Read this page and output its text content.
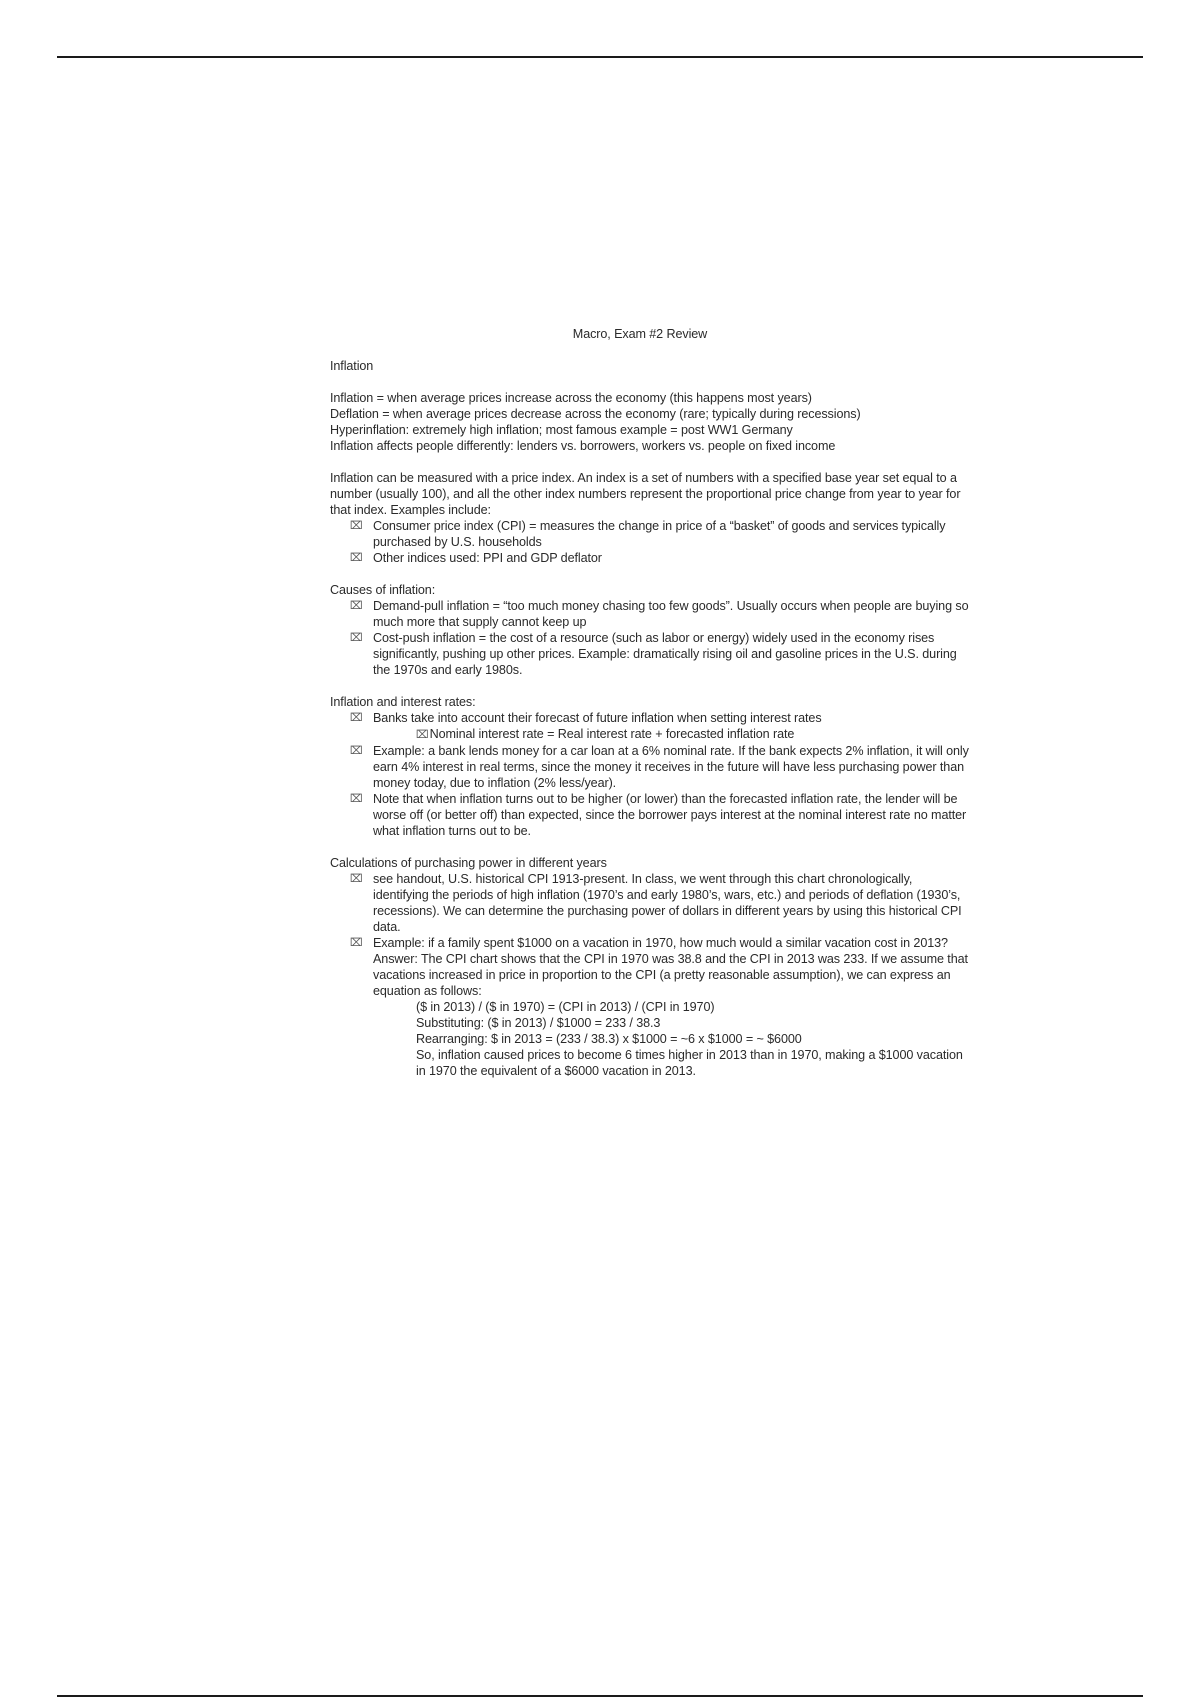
Macro, Exam #2 Review
Inflation
Inflation = when average prices increase across the economy (this happens most years)
Deflation = when average prices decrease across the economy (rare; typically during recessions)
Hyperinflation: extremely high inflation; most famous example = post WW1 Germany
Inflation affects people differently: lenders vs. borrowers, workers vs. people on fixed income
Inflation can be measured with a price index. An index is a set of numbers with a specified base year set equal to a number (usually 100), and all the other index numbers represent the proportional price change from year to year for that index. Examples include:
⌧ Consumer price index (CPI) = measures the change in price of a “basket” of goods and services typically purchased by U.S. households
⌧ Other indices used: PPI and GDP deflator
Causes of inflation:
⌧ Demand-pull inflation = “too much money chasing too few goods”. Usually occurs when people are buying so much more that supply cannot keep up
⌧ Cost-push inflation = the cost of a resource (such as labor or energy) widely used in the economy rises significantly, pushing up other prices. Example: dramatically rising oil and gasoline prices in the U.S. during the 1970s and early 1980s.
Inflation and interest rates:
⌧ Banks take into account their forecast of future inflation when setting interest rates
⌧Nominal interest rate = Real interest rate + forecasted inflation rate
⌧ Example: a bank lends money for a car loan at a 6% nominal rate. If the bank expects 2% inflation, it will only earn 4% interest in real terms, since the money it receives in the future will have less purchasing power than money today, due to inflation (2% less/year).
⌧ Note that when inflation turns out to be higher (or lower) than the forecasted inflation rate, the lender will be worse off (or better off) than expected, since the borrower pays interest at the nominal interest rate no matter what inflation turns out to be.
Calculations of purchasing power in different years
⌧ see handout, U.S. historical CPI 1913-present. In class, we went through this chart chronologically, identifying the periods of high inflation (1970’s and early 1980’s, wars, etc.) and periods of deflation (1930’s, recessions). We can determine the purchasing power of dollars in different years by using this historical CPI data.
⌧ Example: if a family spent $1000 on a vacation in 1970, how much would a similar vacation cost in 2013? Answer: The CPI chart shows that the CPI in 1970 was 38.8 and the CPI in 2013 was 233. If we assume that vacations increased in price in proportion to the CPI (a pretty reasonable assumption), we can express an equation as follows:
($ in 2013) / ($ in 1970) = (CPI in 2013) / (CPI in 1970)
Substituting: ($ in 2013) / $1000 = 233 / 38.3
Rearranging: $ in 2013 = (233 / 38.3) x $1000 = ~6 x $1000 = ~ $6000
So, inflation caused prices to become 6 times higher in 2013 than in 1970, making a $1000 vacation in 1970 the equivalent of a $6000 vacation in 2013.
